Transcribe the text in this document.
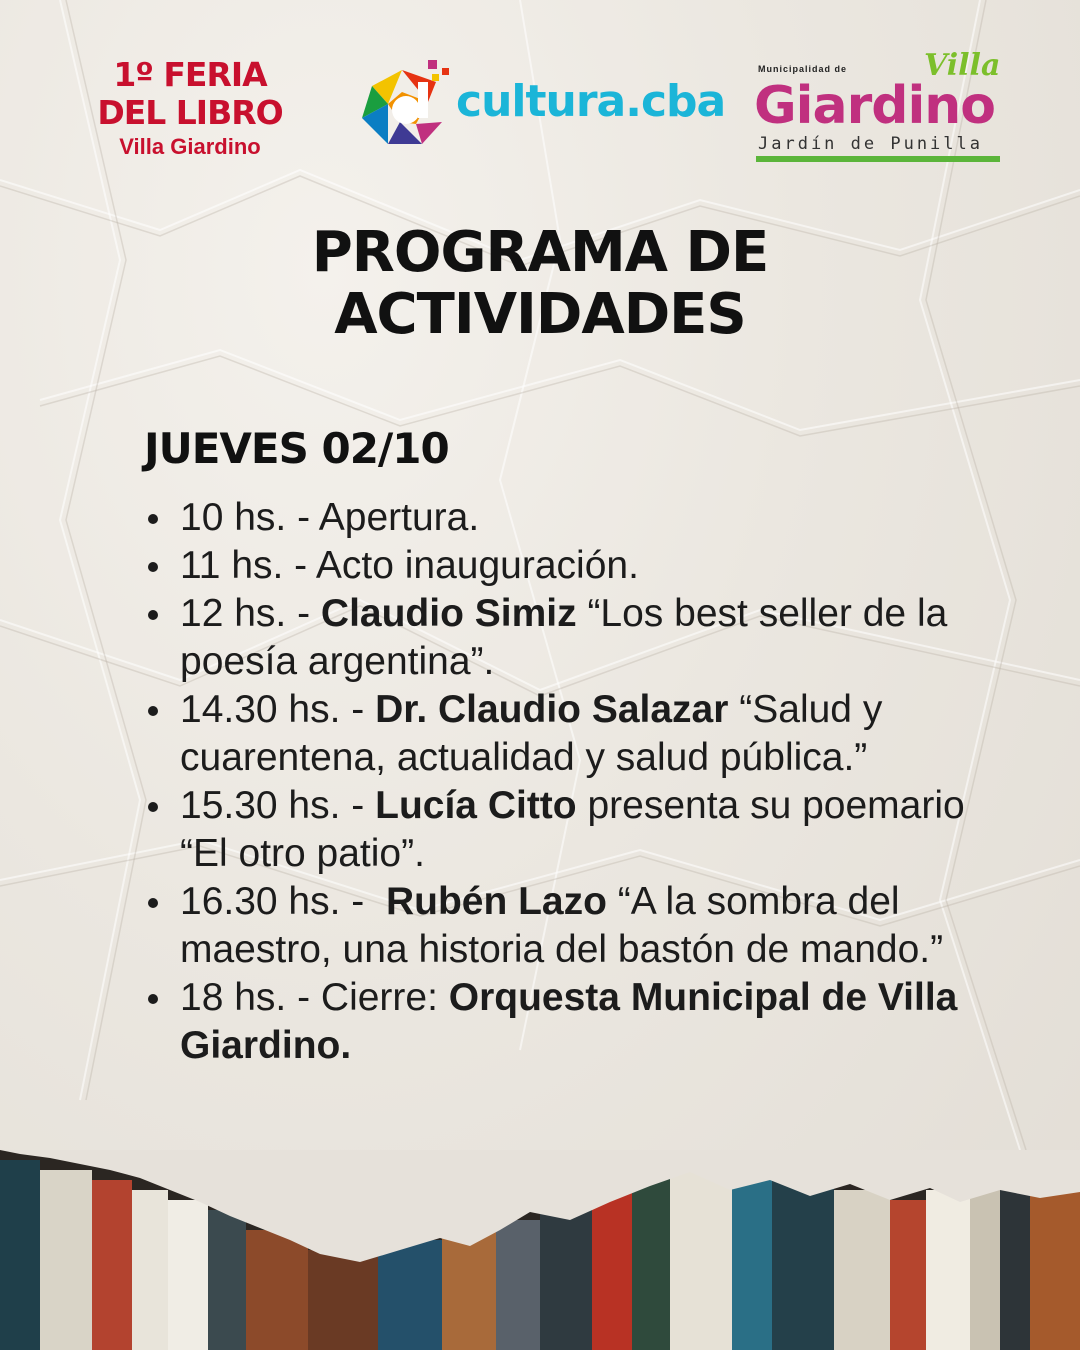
1º FERIA
DEL LIBRO
Villa Giardino
cultura.cba
Municipalidad de	Villa
Giardino
Jardín de Punilla
PROGRAMA DE
ACTIVIDADES
JUEVES 02/10
10 hs. - Apertura.
11 hs. - Acto inauguración.
12 hs. - Claudio Simiz “Los best seller de la poesía argentina”.
14.30 hs. - Dr. Claudio Salazar “Salud y cuarentena, actualidad y salud pública.”
15.30 hs. - Lucía Citto presenta su poemario “El otro patio”.
16.30 hs. -  Rubén Lazo “A la sombra del maestro, una historia del bastón de mando.”
18 hs. - Cierre: Orquesta Municipal de Villa Giardino.
